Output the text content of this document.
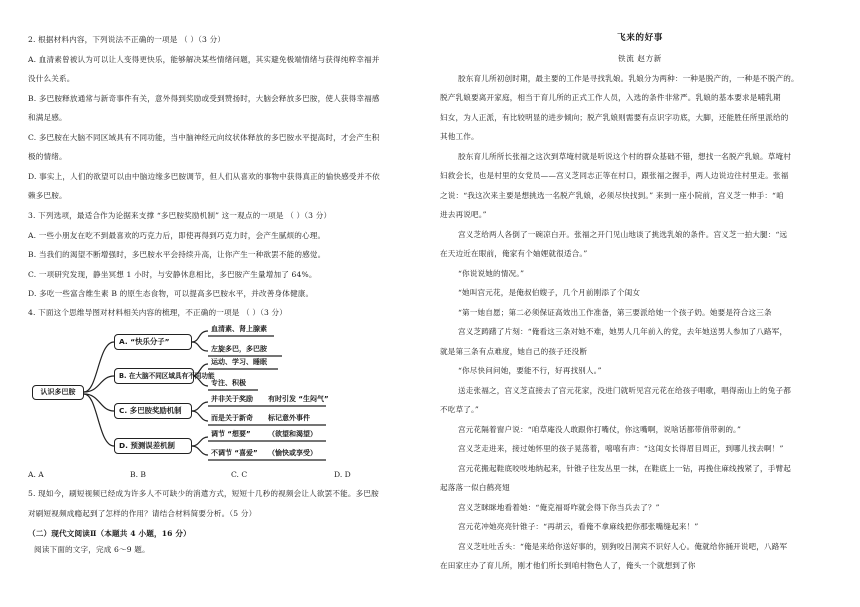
2. 根据材料内容，下列说法不正确的一项是 （ ）（3 分）
A. 血清素曾被认为可以让人变得更快乐，能够解决某些情绪问题，其实避免极端情绪与获得纯粹幸福并
没什么关系。
B. 多巴胺释放通常与新奇事件有关，意外得到奖励或受到赞扬时，大脑会释放多巴胺，使人获得幸福感
和满足感。
C. 多巴胺在大脑不同区域具有不同功能，当中脑神经元向纹状体释放的多巴胺水平提高时，才会产生积
极的情绪。
D. 事实上，人们的欲望可以由中脑边缘多巴胺调节，但人们从喜欢的事物中获得真正的愉快感受并不依
赖多巴胺。
3. 下列选项，最适合作为论据来支撑 “多巴胺奖励机制” 这一观点的一项是 （ ）（3 分）
A. 一些小朋友在吃不到最喜欢的巧克力后，即使再得到巧克力时，会产生腻烦的心理。
B. 当我们的渴望不断增强时，多巴胺水平会持续升高，让你产生一种欲罢不能的感觉。
C. 一项研究发现，静坐冥想 1 小时，与安静休息相比，多巴胺产生量增加了 64%。
D. 多吃一些富含维生素 B 的原生态食物，可以提高多巴胺水平，并改善身体健康。
4. 下面这个思维导图对材料相关内容的梳理，不正确的一项是 （ ）（3 分）
认识多巴胺
A. “快乐分子”
B. 在大脑不同区域具有不同功能
C. 多巴胺奖励机制
D. 预测误差机制
血清素、肾上腺素
左旋多巴，多巴胺
运动、学习、睡眠
专注、积极
并非关于奖励 有时引发 “生闷气”
而是关于新奇 标记意外事件
调节 “想要” （欲望和渴望）
不调节 “喜爱” （愉快或享受）
A. A	B. B	C. C	D. D
5. 现如今，刷短视频已经成为许多人不可缺少的消遣方式，短短十几秒的视频会让人欲罢不能。多巴胺
对刷短视频成瘾起到了怎样的作用？请结合材料简要分析。（5 分）
（二）现代文阅读Ⅱ（本题共 4 小题，16 分）
阅读下面的文字，完成 6～9 题。
飞来的好事
铁流 赵方新
胶东育儿所初创时期，最主要的工作是寻找乳娘。乳娘分为两种：一种是脱产的，一种是不脱产的。
脱产乳娘要离开家庭，相当于育儿所的正式工作人员，入选的条件非常严。乳娘的基本要求是哺乳期
妇女，为人正派，有比较明显的进步倾向；脱产乳娘则需要有点识字功底，大脚，还能胜任所里派给的
其他工作。
胶东育儿所所长张福之这次到草埯村就是听说这个村的群众基础不错，想找一名脱产乳娘。草埯村
妇救会长，也是村里的女党员——宫义芝同志正等在村口，跟张福之握手，两人边说边往村里走。张福
之说：“我这次来主要是想挑选一名脱产乳娘，必须尽快找到。” 来到一座小院前，宫义芝一伸手：“咱
进去再说吧。”
宫义芝给两人各倒了一碗凉白开。张福之开门见山地谈了挑选乳娘的条件。宫义芝一拍大腿：“远
在天边近在眼前，俺家有个妯娌就很适合。”
“你说说她的情况。”
“她叫宫元花，是俺叔伯嫂子，几个月前刚添了个闺女
“第一她自愿；第二必须保证高效出工作准备，第三要派给她一个孩子奶。她要是符合这三条
宫义芝踌躇了片刻：“俺看这三条对她不难，她男人几年前入的党，去年她送男人参加了八路军，
就是第三条有点难度，她自己的孩子还没断
“你尽快问问她，要能不行，好再找别人。”
送走张福之，宫义芝直接去了宫元花家，没进门就听见宫元花在给孩子唱歌，唱得南山上的兔子都
不吃草了。”
宫元花隔着窗户说：“咱草庵没人敢跟你打嘴仗，你这嘴啊，说啥话都带俏带刺的。”
宫义芝走进来，接过她怀里的孩子晃荡着，嘻嘻有声：“这闺女长得眉目周正，到哪儿找去啊！”
宫元花搬起鞋底咬吱地纳起来，针锥子往发丛里一抹，在鞋底上一钻，再挽住麻线拽紧了，手臂起
起落落一似白鹤亮翅
宫义芝眯眯地看着她：“俺克福哥咋就会得下你当兵去了？”
宫元花冲她亮亮针锥子：“再胡云，看俺不拿麻线把你那张嘴缝起来！”
宫义芝吐吐舌头：“俺是来给你送好事的，别狗咬吕洞宾不识好人心。俺就给你捅开说吧，八路军
在田家庄办了育儿所，刚才他们所长到咱村物色人了，俺头一个就想到了你
